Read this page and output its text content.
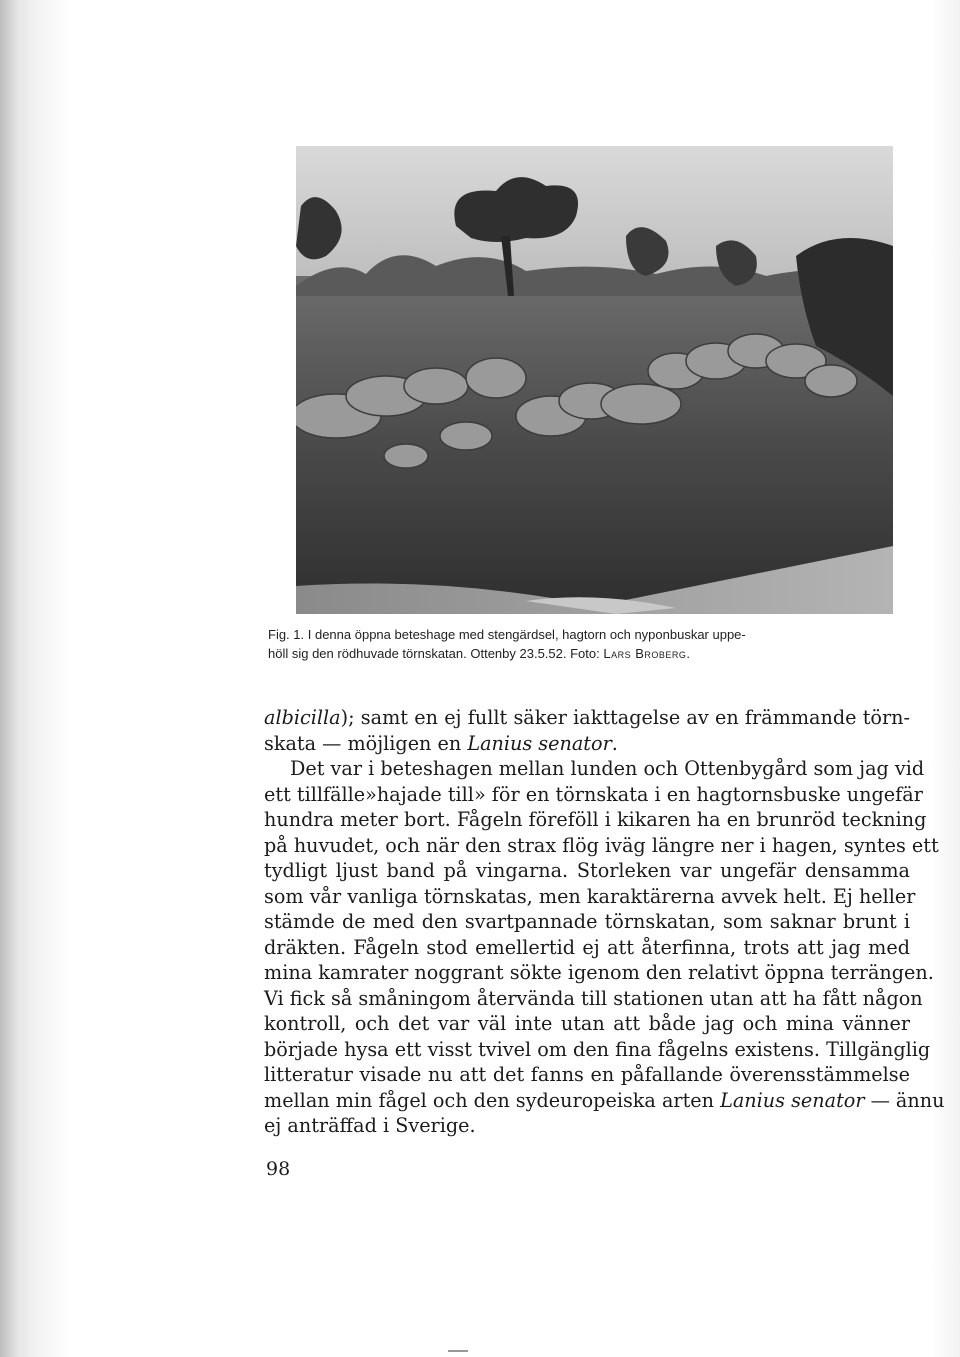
Fig. 1. I denna öppna beteshage med stengärdsel, hagtorn och nyponbuskar uppe-
höll sig den rödhuvade törnskatan. Ottenby 23.5.52. Foto: Lars Broberg.
albicilla); samt en ej fullt säker iakttagelse av en främmande törn-
skata — möjligen en Lanius senator.
Det var i beteshagen mellan lunden och Ottenbygård som jag vid
ett tillfälle»hajade till» för en törnskata i en hagtornsbuske ungefär
hundra meter bort. Fågeln föreföll i kikaren ha en brunröd teckning
på huvudet, och när den strax flög iväg längre ner i hagen, syntes ett
tydligt ljust band på vingarna. Storleken var ungefär densamma
som vår vanliga törnskatas, men karaktärerna avvek helt. Ej heller
stämde de med den svartpannade törnskatan, som saknar brunt i
dräkten. Fågeln stod emellertid ej att återfinna, trots att jag med
mina kamrater noggrant sökte igenom den relativt öppna terrängen.
Vi fick så småningom återvända till stationen utan att ha fått någon
kontroll, och det var väl inte utan att både jag och mina vänner
började hysa ett visst tvivel om den fina fågelns existens. Tillgänglig
litteratur visade nu att det fanns en påfallande överensstämmelse
mellan min fågel och den sydeuropeiska arten Lanius senator — ännu
ej anträffad i Sverige.
98
